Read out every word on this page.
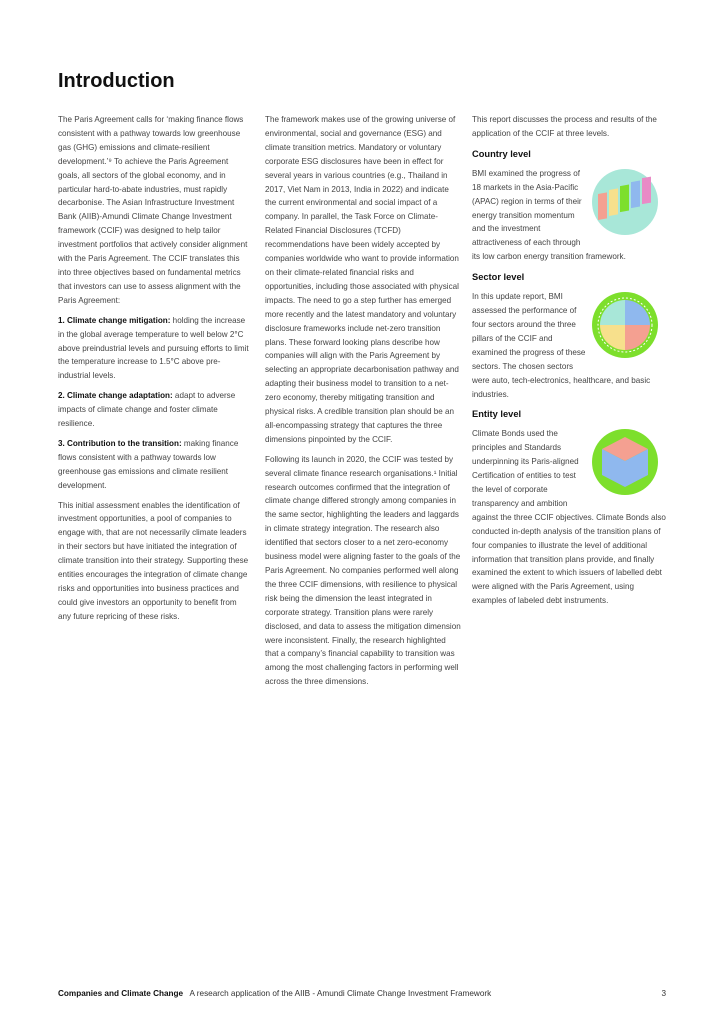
Introduction

The Paris Agreement calls for ‘making finance flows consistent with a pathway towards low greenhouse gas (GHG) emissions and climate-resilient development.’⁹ To achieve the Paris Agreement goals, all sectors of the global economy, and in particular hard-to-abate industries, must rapidly decarbonise. The Asian Infrastructure Investment Bank (AIIB)-Amundi Climate Change Investment framework (CCIF) was designed to help tailor investment portfolios that actively consider alignment with the Paris Agreement. The CCIF translates this into three objectives based on fundamental metrics that investors can use to assess alignment with the Paris Agreement:

1. Climate change mitigation: holding the increase in the global average temperature to well below 2°C above preindustrial levels and pursuing efforts to limit the temperature increase to 1.5°C above pre-industrial levels.

2. Climate change adaptation: adapt to adverse impacts of climate change and foster climate resilience.

3. Contribution to the transition: making finance flows consistent with a pathway towards low greenhouse gas emissions and climate resilient development.

This initial assessment enables the identification of investment opportunities, a pool of companies to engage with, that are not necessarily climate leaders in their sectors but have initiated the integration of climate transition into their strategy. Supporting these entities encourages the integration of climate change risks and opportunities into business practices and could give investors an opportunity to benefit from any future repricing of these risks.

The framework makes use of the growing universe of environmental, social and governance (ESG) and climate transition metrics. Mandatory or voluntary corporate ESG disclosures have been in effect for several years in various countries (e.g., Thailand in 2017, Viet Nam in 2013, India in 2022) and indicate the current environmental and social impact of a company. In parallel, the Task Force on Climate-Related Financial Disclosures (TCFD) recommendations have been widely accepted by companies worldwide who want to provide information on their climate-related financial risks and opportunities, including those associated with physical impacts. The need to go a step further has emerged more recently and the latest mandatory and voluntary disclosure frameworks include net-zero transition plans. These forward looking plans describe how companies will align with the Paris Agreement by selecting an appropriate decarbonisation pathway and adapting their business model to transition to a net-zero economy, thereby mitigating transition and physical risks. A credible transition plan should be an all-encompassing strategy that captures the three dimensions pinpointed by the CCIF.

Following its launch in 2020, the CCIF was tested by several climate finance research organisations.¹ Initial research outcomes confirmed that the integration of climate change differed strongly among companies in the same sector, highlighting the leaders and laggards in climate strategy integration. The research also identified that sectors closer to a net zero-economy business model were aligning faster to the goals of the Paris Agreement. No companies performed well along the three CCIF dimensions, with resilience to physical risk being the dimension the least integrated in corporate strategy. Transition plans were rarely disclosed, and data to assess the mitigation dimension were inconsistent. Finally, the research highlighted that a company’s financial capability to transition was among the most challenging factors in performing well across the three dimensions.

This report discusses the process and results of the application of the CCIF at three levels.

Country level

BMI examined the progress of 18 markets in the Asia-Pacific (APAC) region in terms of their energy transition momentum and the investment attractiveness of each through its low carbon energy transition framework.

Sector level

In this update report, BMI assessed the performance of four sectors around the three pillars of the CCIF and examined the progress of these sectors. The chosen sectors were auto, tech-electronics, healthcare, and basic industries.

Entity level

Climate Bonds used the principles and Standards underpinning its Paris-aligned Certification of entities to test the level of corporate transparency and ambition against the three CCIF objectives. Climate Bonds also conducted in-depth analysis of the transition plans of four companies to illustrate the level of additional information that transition plans provide, and finally examined the extent to which issuers of labelled debt were aligned with the Paris Agreement, using examples of labeled debt instruments.

Companies and Climate Change A research application of the AIIB - Amundi Climate Change Investment Framework	3
